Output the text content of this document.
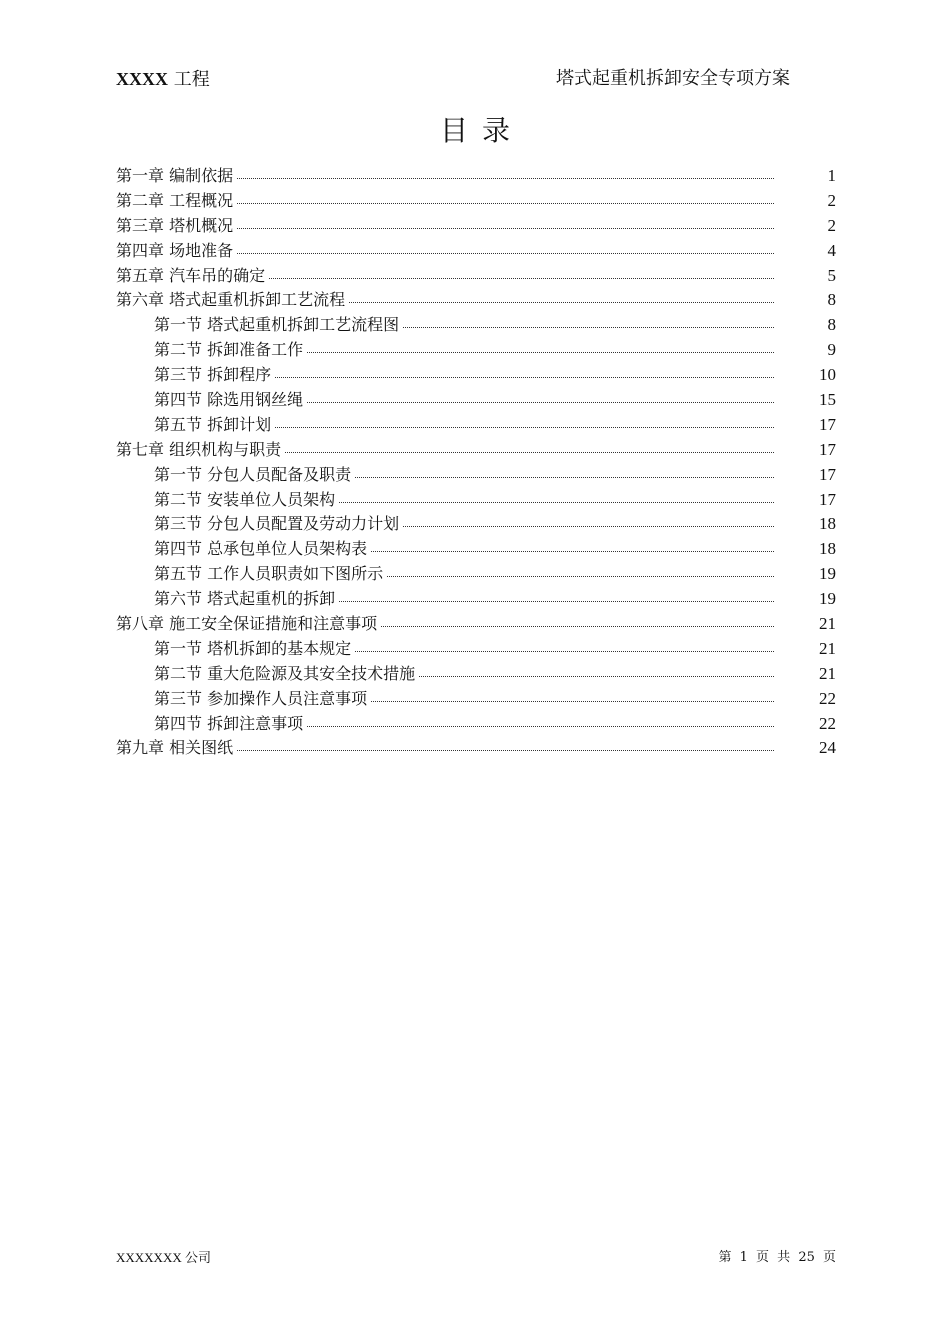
XXXX 工程	塔式起重机拆卸安全专项方案
目录
第一章 编制依据	1
第二章 工程概况	2
第三章 塔机概况	2
第四章 场地准备	4
第五章 汽车吊的确定	5
第六章 塔式起重机拆卸工艺流程	8
第一节 塔式起重机拆卸工艺流程图	8
第二节 拆卸准备工作	9
第三节 拆卸程序	10
第四节 除选用钢丝绳	15
第五节 拆卸计划	17
第七章 组织机构与职责	17
第一节 分包人员配备及职责	17
第二节 安装单位人员架构	17
第三节 分包人员配置及劳动力计划	18
第四节 总承包单位人员架构表	18
第五节 工作人员职责如下图所示	19
第六节 塔式起重机的拆卸	19
第八章 施工安全保证措施和注意事项	21
第一节 塔机拆卸的基本规定	21
第二节 重大危险源及其安全技术措施	21
第三节 参加操作人员注意事项	22
第四节 拆卸注意事项	22
第九章 相关图纸	24
XXXXXXX 公司	第 1 页 共 25 页
